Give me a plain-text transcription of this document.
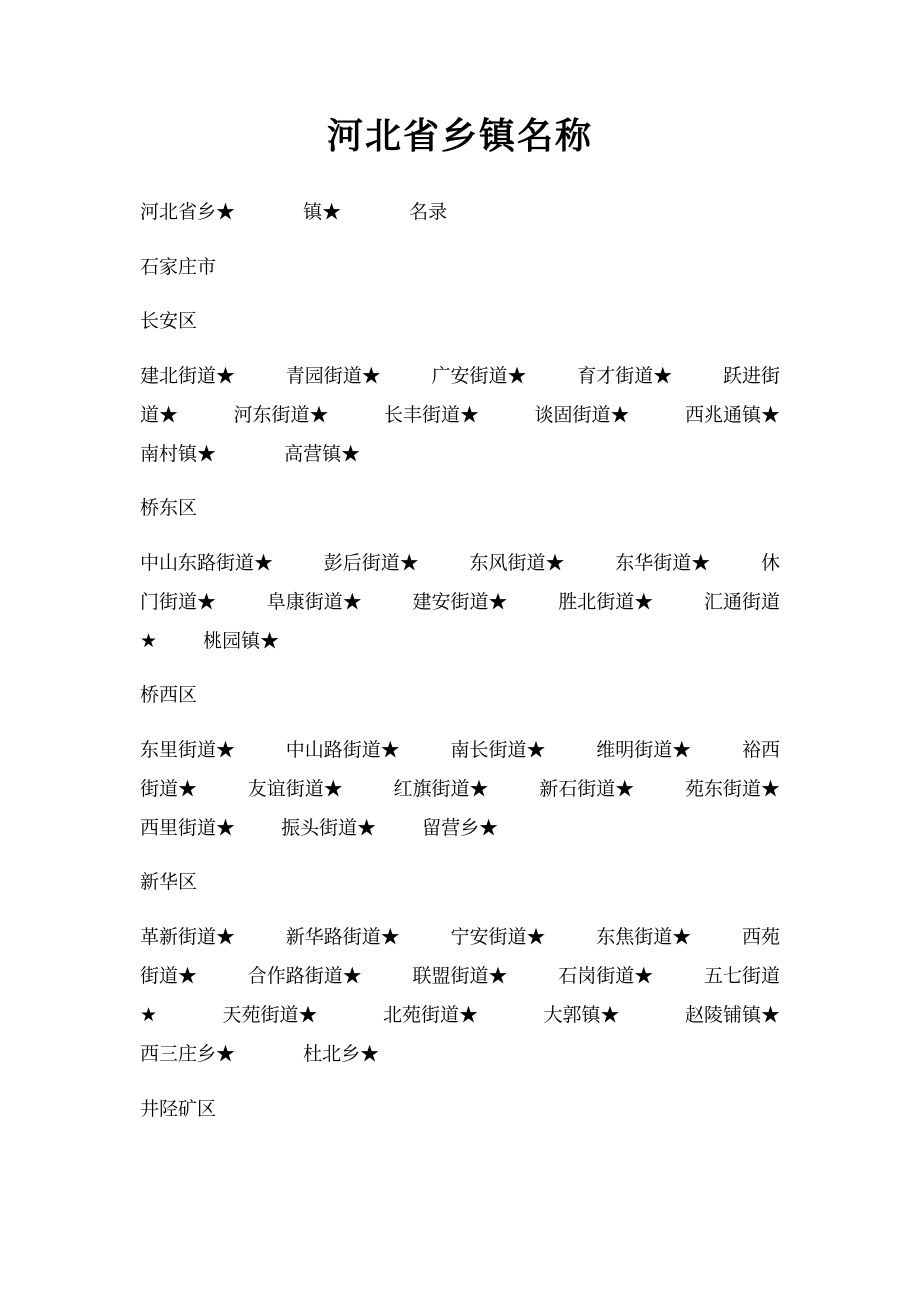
河北省乡镇名称
河北省乡★	镇★	名录
石家庄市
长安区
建北街道★	青园街道★	广安街道★	育才街道★	跃进街
道★	河东街道★	长丰街道★	谈固街道★	西兆通镇★
南村镇★	高营镇★
桥东区
中山东路街道★	彭后街道★	东风街道★	东华街道★	休
门街道★	阜康街道★	建安街道★	胜北街道★	汇通街道
★ 桃园镇★
桥西区
东里街道★	中山路街道★	南长街道★	维明街道★	裕西
街道★	友谊街道★	红旗街道★	新石街道★	苑东街道★
西里街道★ 振头街道★ 留营乡★
新华区
革新街道★	新华路街道★	宁安街道★	东焦街道★	西苑
街道★	合作路街道★	联盟街道★	石岗街道★	五七街道
★	天苑街道★	北苑街道★	大郭镇★	赵陵铺镇★
西三庄乡★	杜北乡★
井陉矿区
